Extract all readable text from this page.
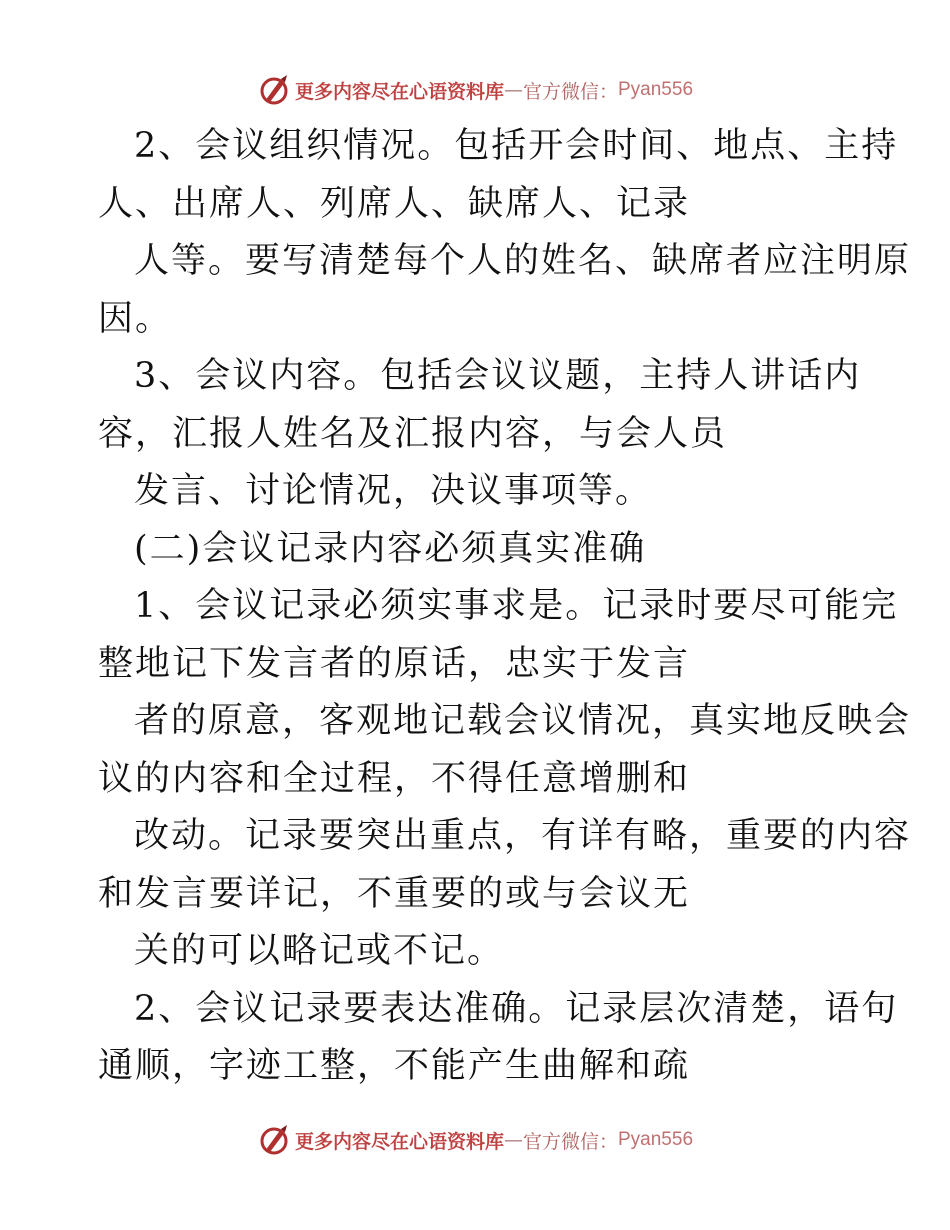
更多内容尽在心语资料库 — 官方微信： Pyan556
2、会议组织情况。包括开会时间、地点、主持
人、出席人、列席人、缺席人、记录
人等。要写清楚每个人的姓名、缺席者应注明原
因。
3、会议内容。包括会议议题，主持人讲话内
容，汇报人姓名及汇报内容，与会人员
发言、讨论情况，决议事项等。
(二)会议记录内容必须真实准确
1、会议记录必须实事求是。记录时要尽可能完
整地记下发言者的原话，忠实于发言
者的原意，客观地记载会议情况，真实地反映会
议的内容和全过程，不得任意增删和
改动。记录要突出重点，有详有略，重要的内容
和发言要详记，不重要的或与会议无
关的可以略记或不记。
2、会议记录要表达准确。记录层次清楚，语句
通顺，字迹工整，不能产生曲解和疏
更多内容尽在心语资料库 — 官方微信： Pyan556
